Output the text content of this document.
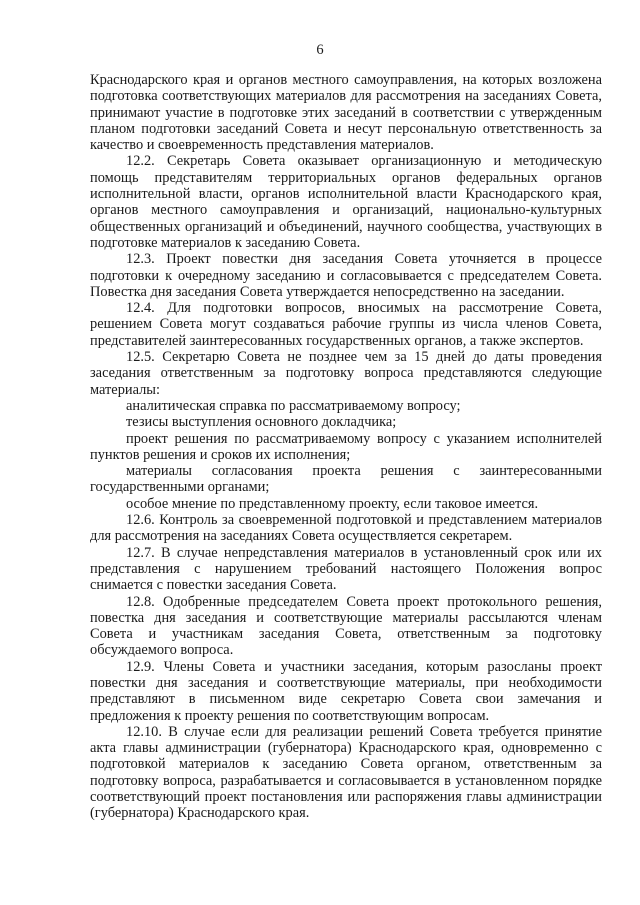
6

Краснодарского края и органов местного самоуправления, на которых возложена подготовка соответствующих материалов для рассмотрения на заседаниях Совета, принимают участие в подготовке этих заседаний в соответствии с утвержденным планом подготовки заседаний Совета и несут персональную ответственность за качество и своевременность представления материалов.

12.2. Секретарь Совета оказывает организационную и методическую помощь представителям территориальных органов федеральных органов исполнительной власти, органов исполнительной власти Краснодарского края, органов местного самоуправления и организаций, национально-культурных общественных организаций и объединений, научного сообщества, участвующих в подготовке материалов к заседанию Совета.

12.3. Проект повестки дня заседания Совета уточняется в процессе подготовки к очередному заседанию и согласовывается с председателем Совета. Повестка дня заседания Совета утверждается непосредственно на заседании.

12.4. Для подготовки вопросов, вносимых на рассмотрение Совета, решением Совета могут создаваться рабочие группы из числа членов Совета, представителей заинтересованных государственных органов, а также экспертов.

12.5. Секретарю Совета не позднее чем за 15 дней до даты проведения заседания ответственным за подготовку вопроса представляются следующие материалы:

аналитическая справка по рассматриваемому вопросу;

тезисы выступления основного докладчика;

проект решения по рассматриваемому вопросу с указанием исполнителей пунктов решения и сроков их исполнения;

материалы согласования проекта решения с заинтересованными государственными органами;

особое мнение по представленному проекту, если таковое имеется.

12.6. Контроль за своевременной подготовкой и представлением материалов для рассмотрения на заседаниях Совета осуществляется секретарем.

12.7. В случае непредставления материалов в установленный срок или их представления с нарушением требований настоящего Положения вопрос снимается с повестки заседания Совета.

12.8. Одобренные председателем Совета проект протокольного решения, повестка дня заседания и соответствующие материалы рассылаются членам Совета и участникам заседания Совета, ответственным за подготовку обсуждаемого вопроса.

12.9. Члены Совета и участники заседания, которым разосланы проект повестки дня заседания и соответствующие материалы, при необходимости представляют в письменном виде секретарю Совета свои замечания и предложения к проекту решения по соответствующим вопросам.

12.10. В случае если для реализации решений Совета требуется принятие акта главы администрации (губернатора) Краснодарского края, одновременно с подготовкой материалов к заседанию Совета органом, ответственным за подготовку вопроса, разрабатывается и согласовывается в установленном порядке соответствующий проект постановления или распоряжения главы администрации (губернатора) Краснодарского края.
